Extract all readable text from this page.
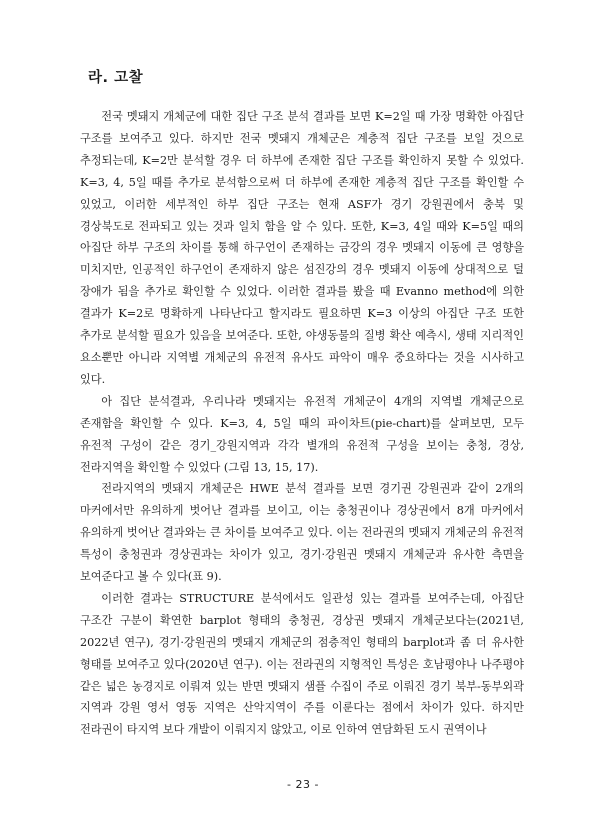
라. 고찰

전국 멧돼지 개체군에 대한 집단 구조 분석 결과를 보면 K=2일 때 가장 명확한 아집단 구조를 보여주고 있다. 하지만 전국 멧돼지 개체군은 계층적 집단 구조를 보일 것으로 추정되는데, K=2만 분석할 경우 더 하부에 존재한 집단 구조를 확인하지 못할 수 있었다. K=3, 4, 5일 때를 추가로 분석함으로써 더 하부에 존재한 계층적 집단 구조를 확인할 수 있었고, 이러한 세부적인 하부 집단 구조는 현재 ASF가 경기 강원권에서 충북 및 경상북도로 전파되고 있는 것과 일치 함을 알 수 있다. 또한, K=3, 4일 때와 K=5일 때의 아집단 하부 구조의 차이를 통해 하구언이 존재하는 금강의 경우 멧돼지 이동에 큰 영향을 미치지만, 인공적인 하구언이 존재하지 않은 섬진강의 경우 멧돼지 이동에 상대적으로 덜 장애가 됨을 추가로 확인할 수 있었다. 이러한 결과를 봤을 때 Evanno method에 의한 결과가 K=2로 명확하게 나타난다고 할지라도 필요하면 K=3 이상의 아집단 구조 또한 추가로 분석할 필요가 있음을 보여준다. 또한, 야생동물의 질병 확산 예측시, 생태 지리적인 요소뿐만 아니라 지역별 개체군의 유전적 유사도 파악이 매우 중요하다는 것을 시사하고 있다.

아 집단 분석결과, 우리나라 멧돼지는 유전적 개체군이 4개의 지역별 개체군으로 존재함을 확인할 수 있다. K=3, 4, 5일 때의 파이차트(pie-chart)를 살펴보면, 모두 유전적 구성이 같은 경기_강원지역과 각각 별개의 유전적 구성을 보이는 충청, 경상, 전라지역을 확인할 수 있었다 (그림 13, 15, 17).

전라지역의 멧돼지 개체군은 HWE 분석 결과를 보면 경기권 강원권과 같이 2개의 마커에서만 유의하게 벗어난 결과를 보이고, 이는 충청권이나 경상권에서 8개 마커에서 유의하게 벗어난 결과와는 큰 차이를 보여주고 있다. 이는 전라권의 멧돼지 개체군의 유전적 특성이 충청권과 경상권과는 차이가 있고, 경기·강원권 멧돼지 개체군과 유사한 측면을 보여준다고 볼 수 있다(표 9).

이러한 결과는 STRUCTURE 분석에서도 일관성 있는 결과를 보여주는데, 아집단 구조간 구분이 확연한 barplot 형태의 충청권, 경상권 멧돼지 개체군보다는(2021년, 2022년 연구), 경기·강원권의 멧돼지 개체군의 점층적인 형태의 barplot과 좀 더 유사한 형태를 보여주고 있다(2020년 연구). 이는 전라권의 지형적인 특성은 호남평야나 나주평야 같은 넓은 농경지로 이뤄져 있는 반면 멧돼지 샘플 수집이 주로 이뤄진 경기 북부-동부외곽 지역과 강원 영서 영동 지역은 산악지역이 주를 이룬다는 점에서 차이가 있다. 하지만 전라권이 타지역 보다 개발이 이뤄지지 않았고, 이로 인하여 연담화된 도시 권역이나

- 23 -
